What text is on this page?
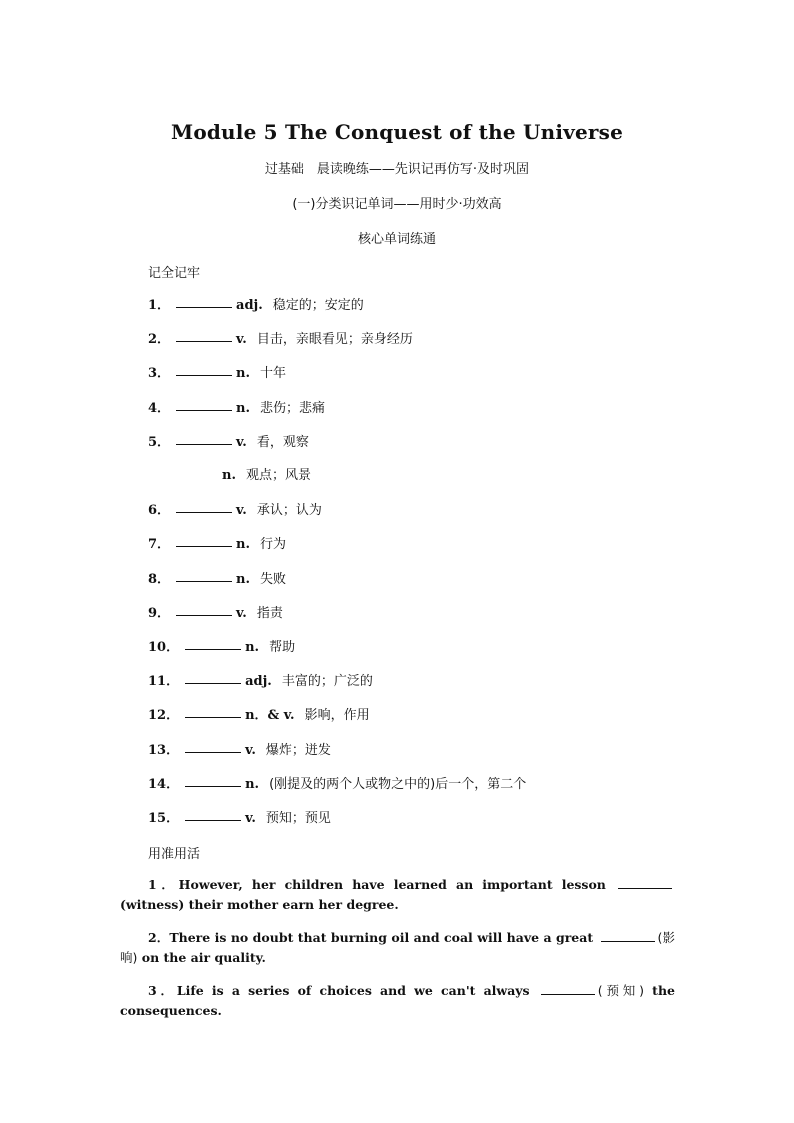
Module 5 The Conquest of the Universe
过基础　晨读晚练——先识记再仿写·及时巩固
(一)分类识记单词——用时少·功效高
核心单词练通
记全记牢
1．	adj. 稳定的；安定的
2．	v. 目击，亲眼看见；亲身经历
3．	n. 十年
4．	n. 悲伤；悲痛
5．	v. 看，观察
n. 观点；风景
6．	v. 承认；认为
7．	n. 行为
8．	n. 失败
9．	v. 指责
10．	n. 帮助
11．	adj. 丰富的；广泛的
12．	n．& v. 影响，作用
13．	v. 爆炸；迸发
14．	n. (刚提及的两个人或物之中的)后一个，第二个
15．	v. 预知；预见
用准用活
1．However, her children have learned an important lesson  (witness) their mother earn her degree.
2．There is no doubt that burning oil and coal will have a great	(影响) on the air quality.
3．Life is a series of choices and we can't always	(预知) the consequences.
